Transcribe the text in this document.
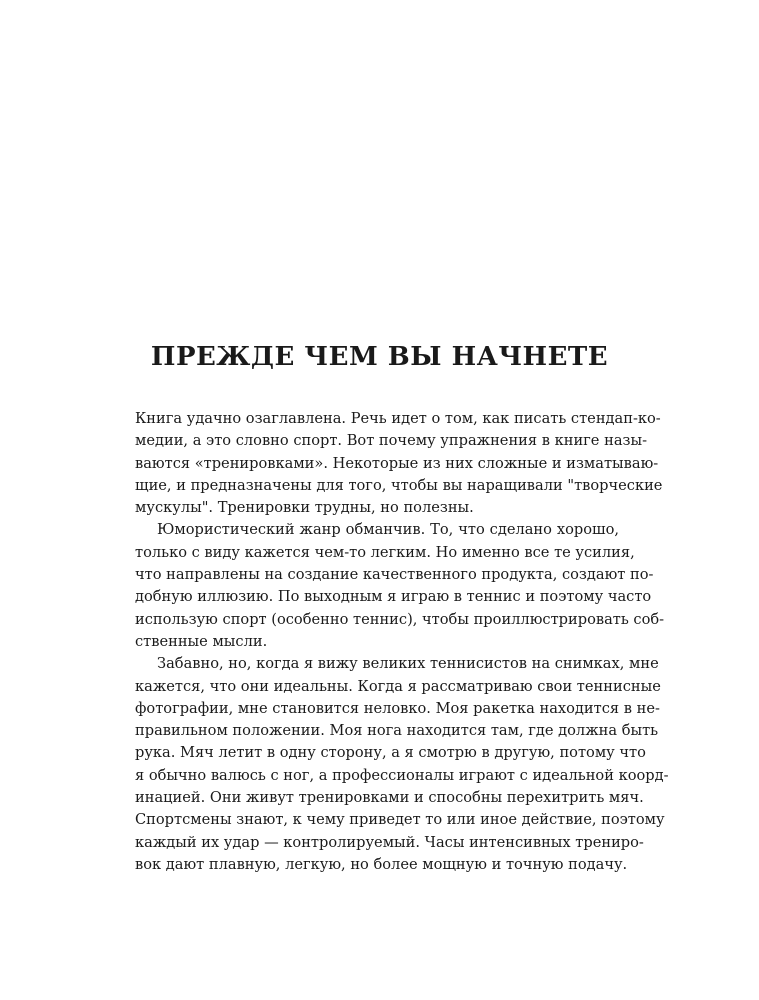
ПРЕЖДЕ ЧЕМ ВЫ НАЧНЕТЕ

Книга удачно озаглавлена. Речь идет о том, как писать стендап-ко-
медии, а это словно спорт. Вот почему упражнения в книге назы-
ваются «тренировками». Некоторые из них сложные и изматываю-
щие, и предназначены для того, чтобы вы наращивали "творческие
мускулы". Тренировки трудны, но полезны.

Юмористический жанр обманчив. То, что сделано хорошо,
только с виду кажется чем-то легким. Но именно все те усилия,
что направлены на создание качественного продукта, создают по-
добную иллюзию. По выходным я играю в теннис и поэтому часто
использую спорт (особенно теннис), чтобы проиллюстрировать соб-
ственные мысли.

Забавно, но, когда я вижу великих теннисистов на снимках, мне
кажется, что они идеальны. Когда я рассматриваю свои теннисные
фотографии, мне становится неловко. Моя ракетка находится в не-
правильном положении. Моя нога находится там, где должна быть
рука. Мяч летит в одну сторону, а я смотрю в другую, потому что
я обычно валюсь с ног, а профессионалы играют с идеальной коорд-
инацией. Они живут тренировками и способны перехитрить мяч.
Спортсмены знают, к чему приведет то или иное действие, поэтому
каждый их удар — контролируемый. Часы интенсивных трениро-
вок дают плавную, легкую, но более мощную и точную подачу.
